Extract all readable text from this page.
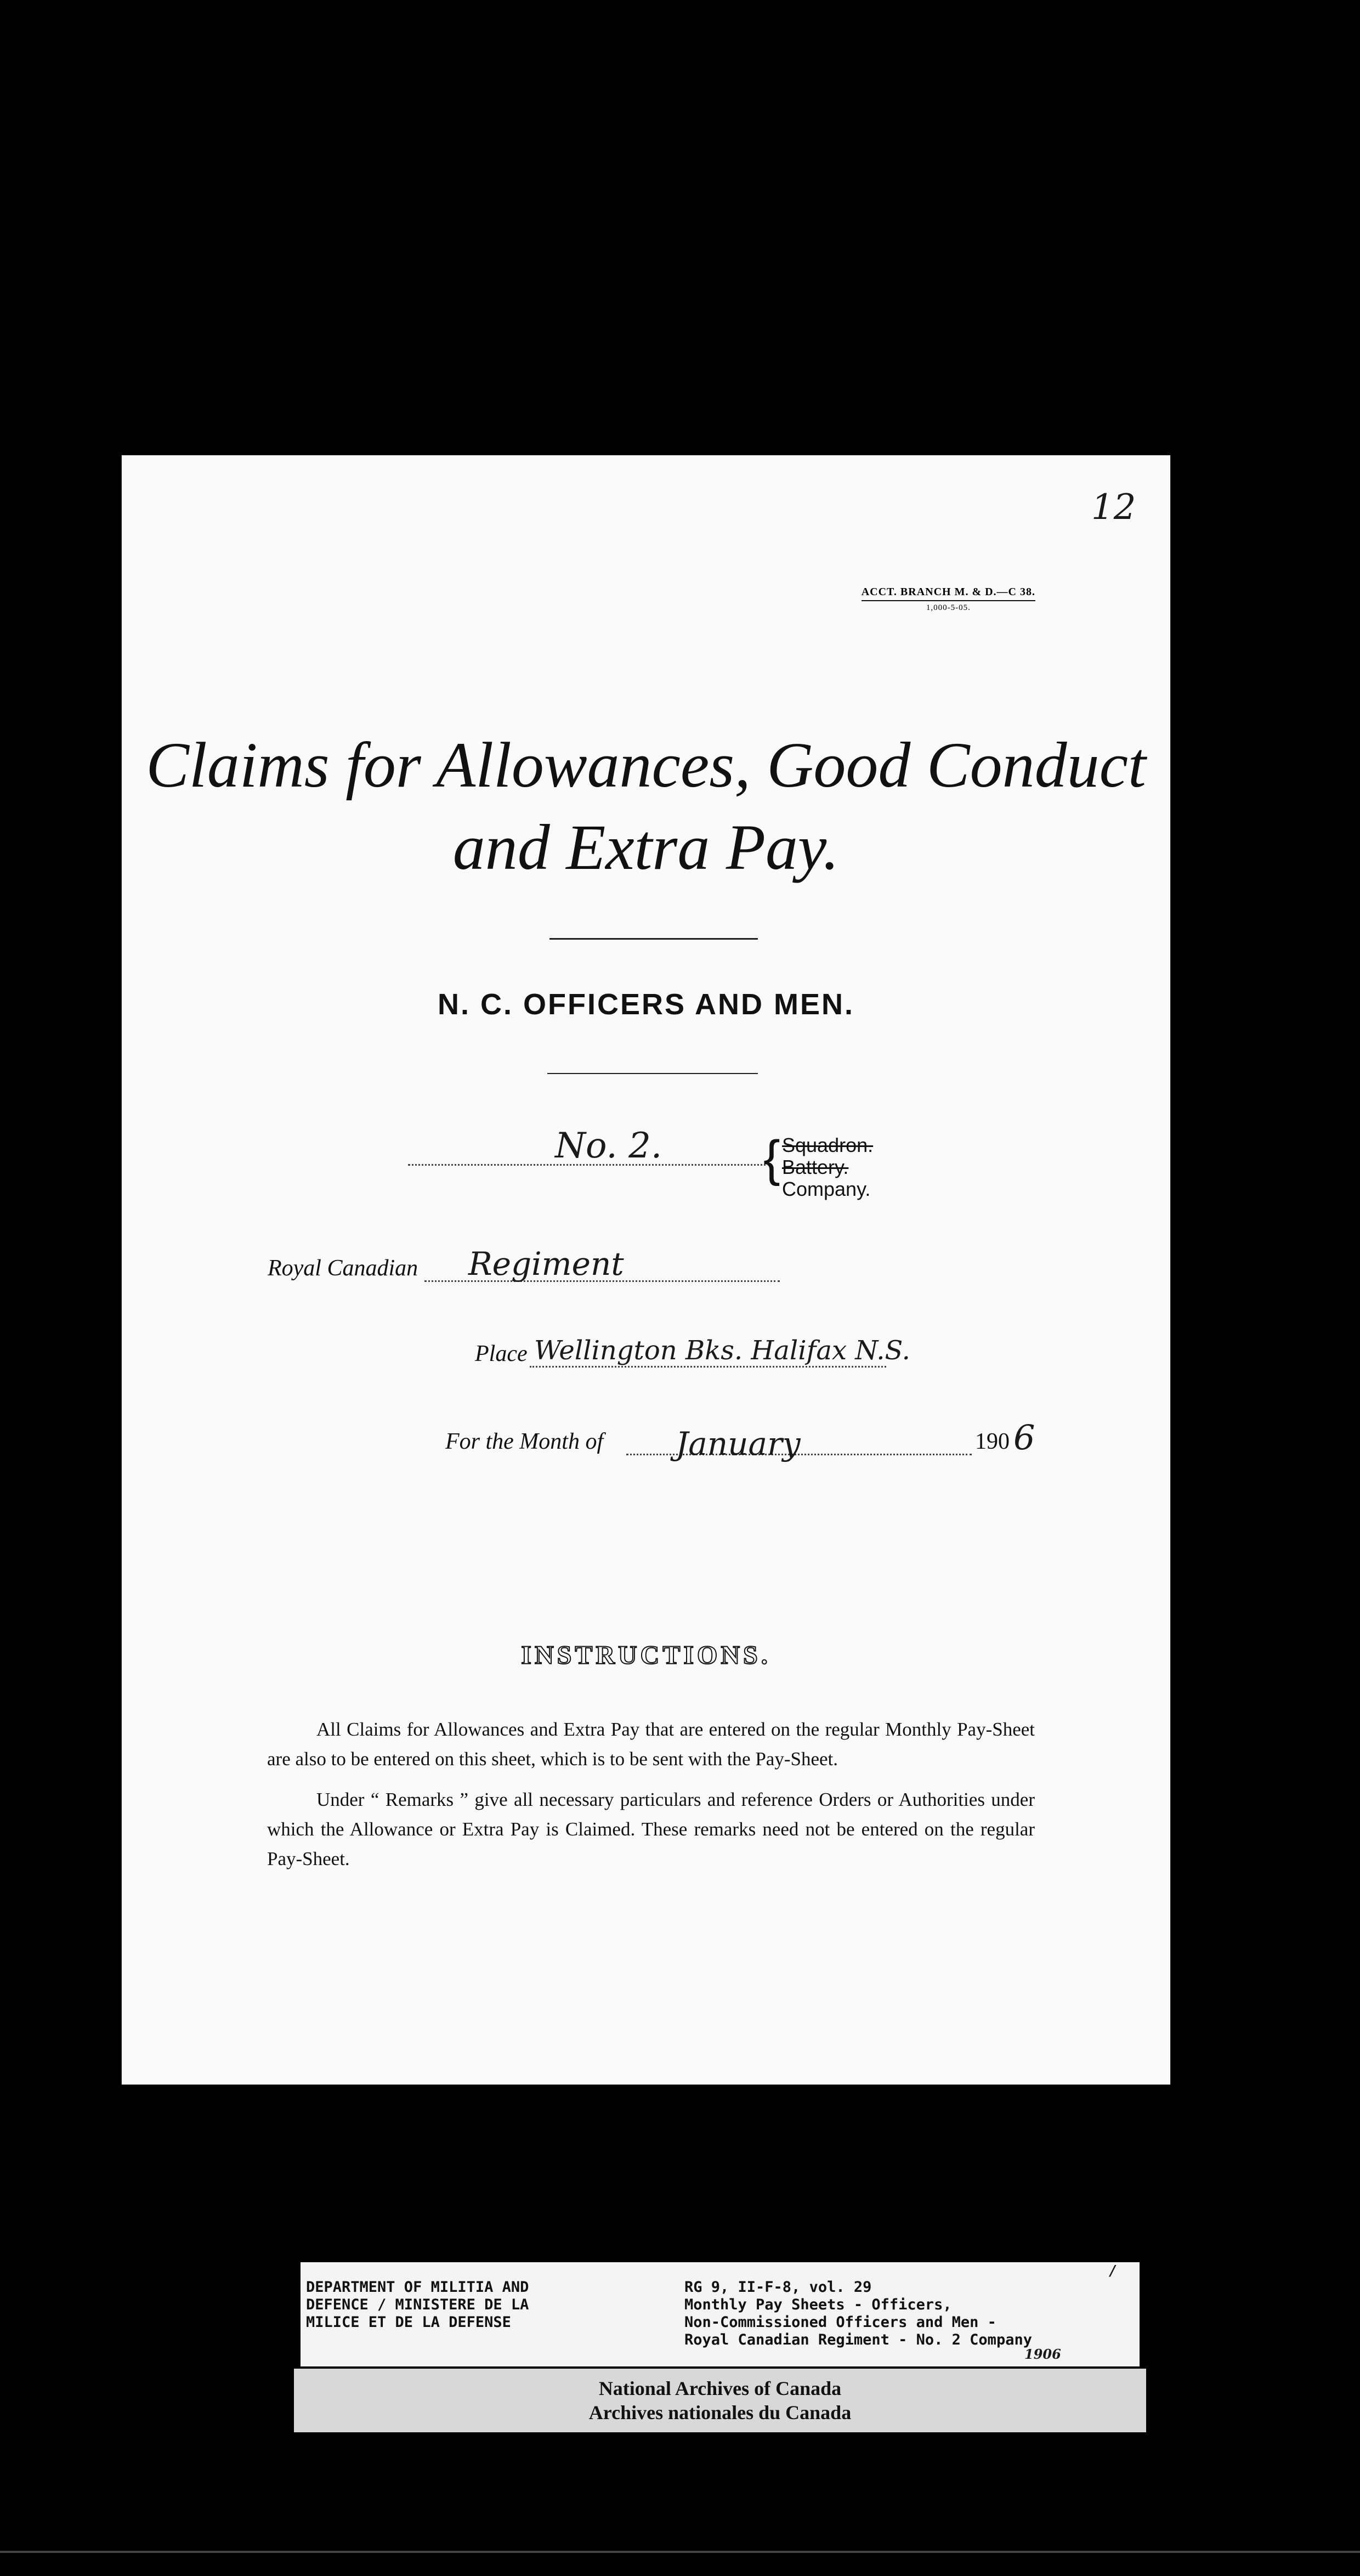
12
ACCT. BRANCH M. & D.—C 38.
1,000-5-05.
Claims for Allowances, Good Conduct
and Extra Pay.
N. C. OFFICERS AND MEN.
No. 2. { Squadron.
Battery.
Company.
Royal Canadian Regiment
Place Wellington Bks. Halifax N.S.
For the Month of January	190 6
INSTRUCTIONS.
All Claims for Allowances and Extra Pay that are entered on the regular Monthly Pay-Sheet are also to be entered on this sheet, which is to be sent with the Pay-Sheet.
Under “ Remarks ” give all necessary particulars and reference Orders or Authorities under which the Allowance or Extra Pay is Claimed. These remarks need not be entered on the regular Pay-Sheet.
DEPARTMENT OF MILITIA AND
DEFENCE / MINISTERE DE LA
MILICE ET DE LA DEFENSE
RG 9, II-F-8, vol. 29
Monthly Pay Sheets - Officers,
Non-Commissioned Officers and Men -
Royal Canadian Regiment - No. 2 Company
/
1906
National Archives of Canada
Archives nationales du Canada
